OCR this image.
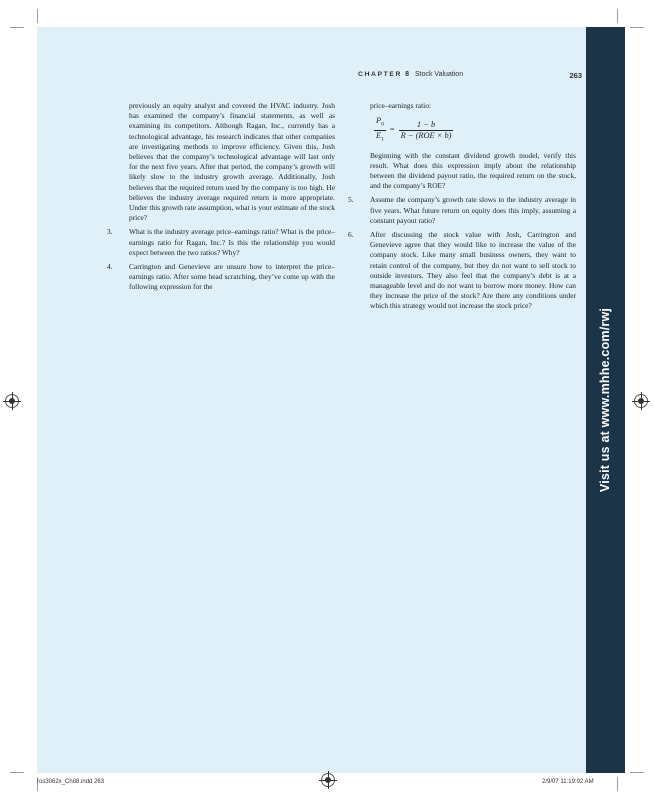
Visit us at www.mhhe.com/rwj
CHAPTER 8 Stock Valuation	263

previously an equity analyst and covered the HVAC industry. Josh has examined the company’s financial statements, as well as examining its competitors. Although Ragan, Inc., currently has a technological advantage, his research indicates that other companies are investigating methods to improve efficiency. Given this, Josh believes that the company’s technological advantage will last only for the next five years. After that period, the company’s growth will likely slow to the industry growth average. Additionally, Josh believes that the required return used by the company is too high. He believes the industry average required return is more appropriate. Under this growth rate assumption, what is your estimate of the stock price?

3. What is the industry average price–earnings ratio? What is the price–earnings ratio for Ragan, Inc.? Is this the relationship you would expect between the two ratios? Why?

4. Carrington and Genevieve are unsure how to interpret the price–earnings ratio. After some head scratching, they’ve come up with the following expression for the

price–earnings ratio:

$\frac{P_0}{E_1} = \frac{1 - b}{\text{R − (ROE × b)}}$

Beginning with the constant dividend growth model, verify this result. What does this expression imply about the relationship between the dividend payout ratio, the required return on the stock, and the company’s ROE?

5. Assume the company’s growth rate slows to the industry average in five years. What future return on equity does this imply, assuming a constant payout ratio?

6. After discussing the stock value with Josh, Carrington and Genevieve agree that they would like to increase the value of the company stock. Like many small business owners, they want to retain control of the company, but they do not want to sell stock to outside investors. They also feel that the company’s debt is at a manageable level and do not want to borrow more money. How can they increase the price of the stock? Are there any conditions under which this strategy would not increase the stock price?

ros3062x_Ch08.indd 263	2/9/07 11:19:02 AM
